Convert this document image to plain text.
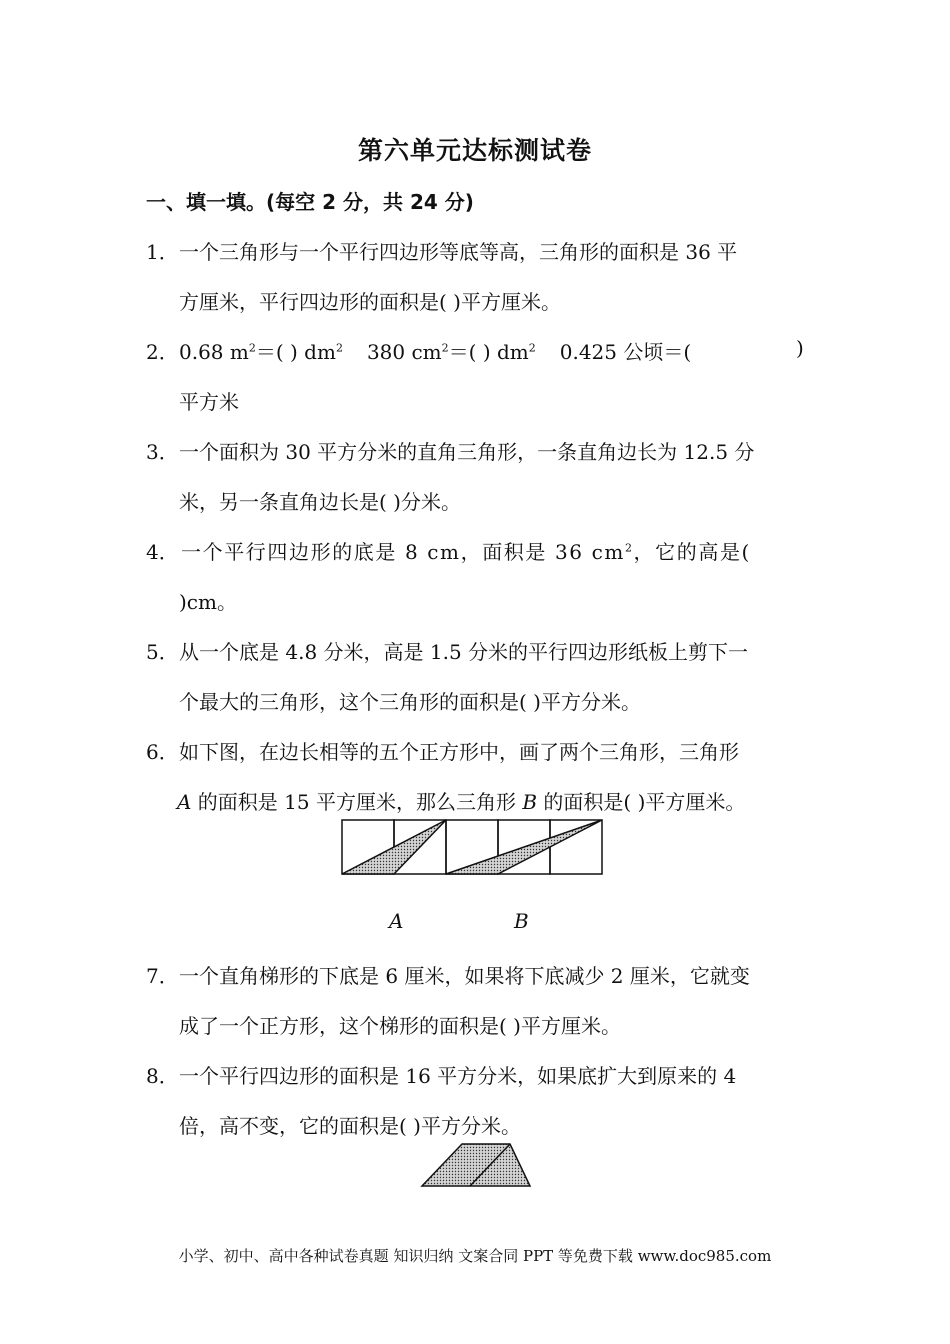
第六单元达标测试卷
一、填一填。(每空 2 分，共 24 分)
1． 一个三角形与一个平行四边形等底等高，三角形的面积是 36 平
方厘米，平行四边形的面积是( )平方厘米。
2． 0.68 $m^2=$( ) $dm^2$ 380 $cm^2=$( ) $dm^2$ 0.425 公顷＝(	)
平方米
3． 一个面积为 30 平方分米的直角三角形，一条直角边长为 12.5 分
米，另一条直角边长是( )分米。
4． 一个平行四边形的底是 8 cm，面积是 36 $cm^2$，它的高是(
)cm。
5． 从一个底是 4.8 分米，高是 1.5 分米的平行四边形纸板上剪下一
个最大的三角形，这个三角形的面积是( )平方分米。
6． 如下图，在边长相等的五个正方形中，画了两个三角形，三角形
A 的面积是 15 平方厘米，那么三角形 B 的面积是( )平方厘米。
A	B
7． 一个直角梯形的下底是 6 厘米，如果将下底减少 2 厘米，它就变
成了一个正方形，这个梯形的面积是( )平方厘米。
8． 一个平行四边形的面积是 16 平方分米，如果底扩大到原来的 4
倍，高不变，它的面积是( )平方分米。
小学、初中、高中各种试卷真题 知识归纳 文案合同 PPT 等免费下载 www.doc985.com
